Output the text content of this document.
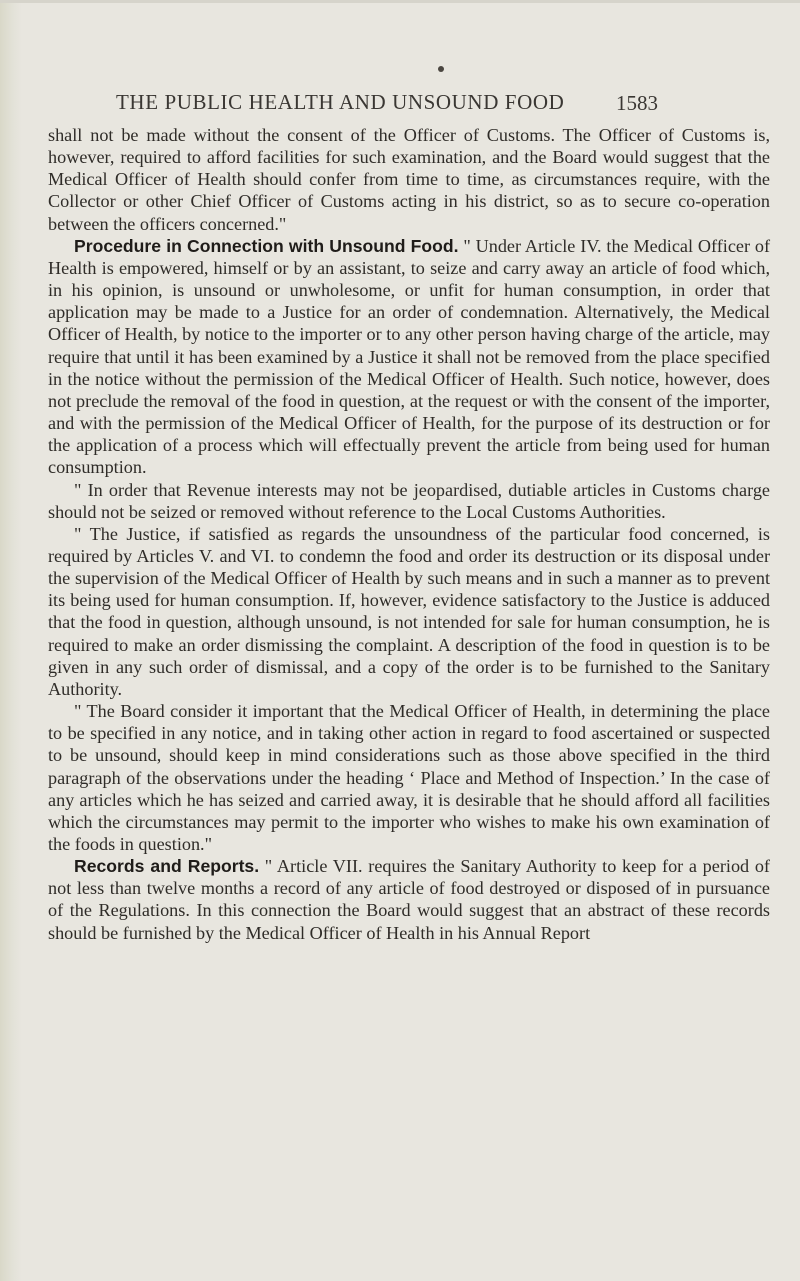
THE PUBLIC HEALTH AND UNSOUND FOOD 1583

shall not be made without the consent of the Officer of Customs. The Officer of Customs is, however, required to afford facilities for such examination, and the Board would suggest that the Medical Officer of Health should confer from time to time, as circumstances require, with the Collector or other Chief Officer of Customs acting in his district, so as to secure co-operation between the officers concerned."

Procedure in Connection with Unsound Food. " Under Article IV. the Medical Officer of Health is empowered, himself or by an assistant, to seize and carry away an article of food which, in his opinion, is unsound or unwholesome, or unfit for human consumption, in order that application may be made to a Justice for an order of condemnation. Alternatively, the Medical Officer of Health, by notice to the importer or to any other person having charge of the article, may require that until it has been examined by a Justice it shall not be removed from the place specified in the notice without the permission of the Medical Officer of Health. Such notice, however, does not preclude the removal of the food in question, at the request or with the consent of the importer, and with the permission of the Medical Officer of Health, for the purpose of its destruction or for the application of a process which will effectually prevent the article from being used for human consumption.

" In order that Revenue interests may not be jeopardised, dutiable articles in Customs charge should not be seized or removed without reference to the Local Customs Authorities.

" The Justice, if satisfied as regards the unsoundness of the particular food concerned, is required by Articles V. and VI. to condemn the food and order its destruction or its disposal under the supervision of the Medical Officer of Health by such means and in such a manner as to prevent its being used for human consumption. If, however, evidence satisfactory to the Justice is adduced that the food in question, although unsound, is not intended for sale for human consumption, he is required to make an order dismissing the complaint. A description of the food in question is to be given in any such order of dismissal, and a copy of the order is to be furnished to the Sanitary Authority.

" The Board consider it important that the Medical Officer of Health, in determining the place to be specified in any notice, and in taking other action in regard to food ascertained or suspected to be unsound, should keep in mind considerations such as those above specified in the third paragraph of the observations under the heading ‘ Place and Method of Inspection.’ In the case of any articles which he has seized and carried away, it is desirable that he should afford all facilities which the circumstances may permit to the importer who wishes to make his own examination of the foods in question."

Records and Reports. " Article VII. requires the Sanitary Authority to keep for a period of not less than twelve months a record of any article of food destroyed or disposed of in pursuance of the Regulations. In this connection the Board would suggest that an abstract of these records should be furnished by the Medical Officer of Health in his Annual Report
